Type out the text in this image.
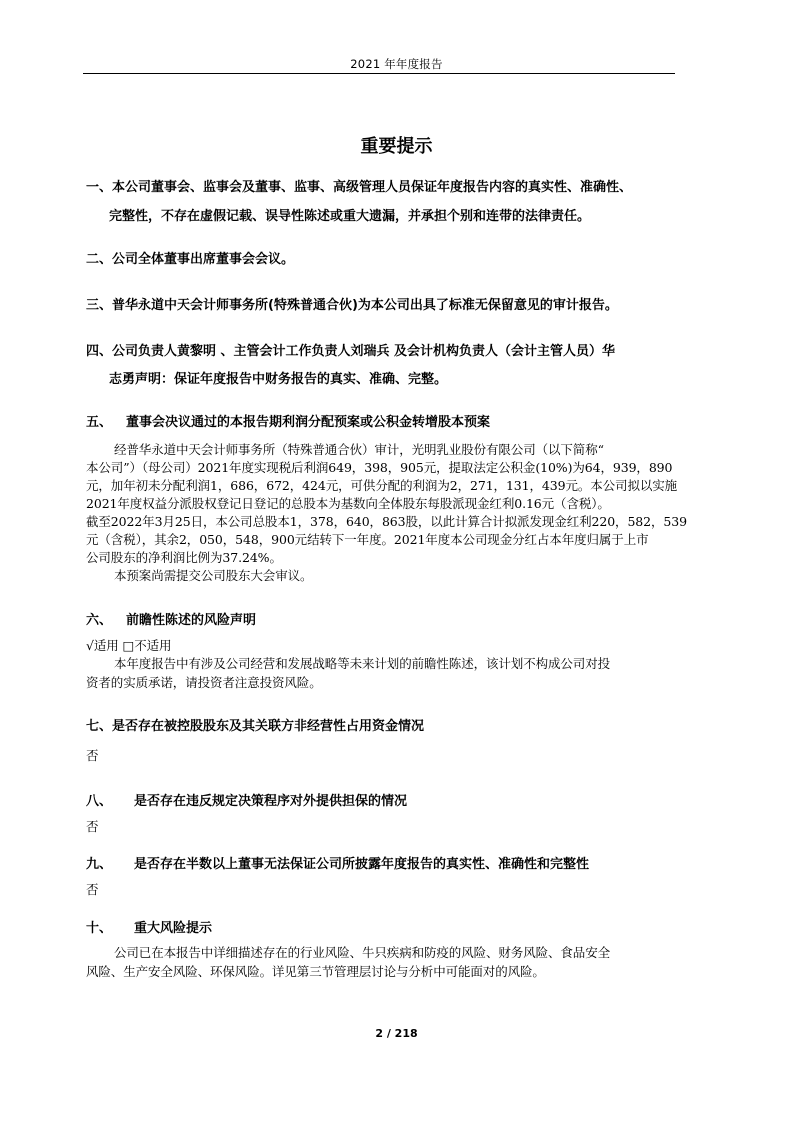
2021 年年度报告
重要提示
一、本公司董事会、监事会及董事、监事、高级管理人员保证年度报告内容的真实性、准确性、
完整性，不存在虚假记载、误导性陈述或重大遗漏，并承担个别和连带的法律责任。
二、公司全体董事出席董事会会议。
三、普华永道中天会计师事务所(特殊普通合伙)为本公司出具了标准无保留意见的审计报告。
四、公司负责人黄黎明 、主管会计工作负责人刘瑞兵 及会计机构负责人（会计主管人员）华
志勇声明：保证年度报告中财务报告的真实、准确、完整。
五、 董事会决议通过的本报告期利润分配预案或公积金转增股本预案
经普华永道中天会计师事务所（特殊普通合伙）审计，光明乳业股份有限公司（以下简称“
本公司”）（母公司）2021年度实现税后利润649，398，905元，提取法定公积金(10%)为64，939，890
元，加年初未分配利润1，686，672，424元，可供分配的利润为2，271，131，439元。本公司拟以实施
2021年度权益分派股权登记日登记的总股本为基数向全体股东每股派现金红利0.16元（含税）。
截至2022年3月25日，本公司总股本1，378，640，863股，以此计算合计拟派发现金红利220，582，539
元（含税），其余2，050，548，900元结转下一年度。2021年度本公司现金分红占本年度归属于上市
公司股东的净利润比例为37.24%。
本预案尚需提交公司股东大会审议。
六、 前瞻性陈述的风险声明
√适用 □不适用
本年度报告中有涉及公司经营和发展战略等未来计划的前瞻性陈述，该计划不构成公司对投
资者的实质承诺，请投资者注意投资风险。
七、是否存在被控股股东及其关联方非经营性占用资金情况
否
八、 是否存在违反规定决策程序对外提供担保的情况
否
九、 是否存在半数以上董事无法保证公司所披露年度报告的真实性、准确性和完整性
否
十、 重大风险提示
公司已在本报告中详细描述存在的行业风险、牛只疾病和防疫的风险、财务风险、食品安全
风险、生产安全风险、环保风险。详见第三节管理层讨论与分析中可能面对的风险。
2 / 218
